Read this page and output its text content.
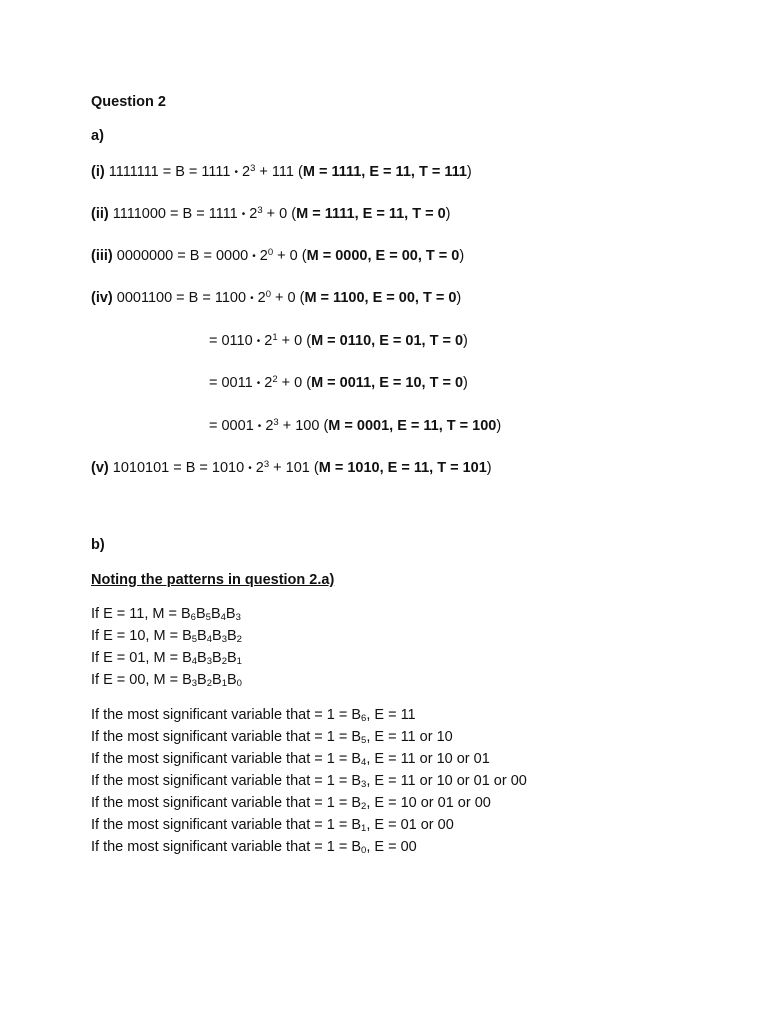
Question 2
a)
(i) 1111111 = B = 1111 • $2^3 + 111$ (M = 1111, E = 11, T = 111)
(ii) 1111000 = B = 1111 • $2^3 + 0$ (M = 1111, E = 11, T = 0)
(iii) 0000000 = B = 0000 • $2^0 + 0$ (M = 0000, E = 00, T = 0)
(iv) 0001100 = B = 1100 • $2^0 + 0$ (M = 1100, E = 00, T = 0)
= 0110 • $2^1 + 0$ (M = 0110, E = 01, T = 0)
= 0011 • $2^2 + 0$ (M = 0011, E = 10, T = 0)
= 0001 • $2^3 + 100$ (M = 0001, E = 11, T = 100)
(v) 1010101 = B = 1010 • $2^3 + 101$ (M = 1010, E = 11, T = 101)
b)
Noting the patterns in question 2.a)
If E = 11, $M = B_6B_5B_4B_3$
If E = 10, $M = B_5B_4B_3B_2$
If E = 01, $M = B_4B_3B_2B_1$
If E = 00, $M = B_3B_2B_1B_0$
If the most significant variable that = $1 = B_6$, E = 11
If the most significant variable that = $1 = B_5$, E = 11 or 10
If the most significant variable that = $1 = B_4$, E = 11 or 10 or 01
If the most significant variable that = $1 = B_3$, E = 11 or 10 or 01 or 00
If the most significant variable that = $1 = B_2$, E = 10 or 01 or 00
If the most significant variable that = $1 = B_1$, E = 01 or 00
If the most significant variable that = $1 = B_0$, E = 00
